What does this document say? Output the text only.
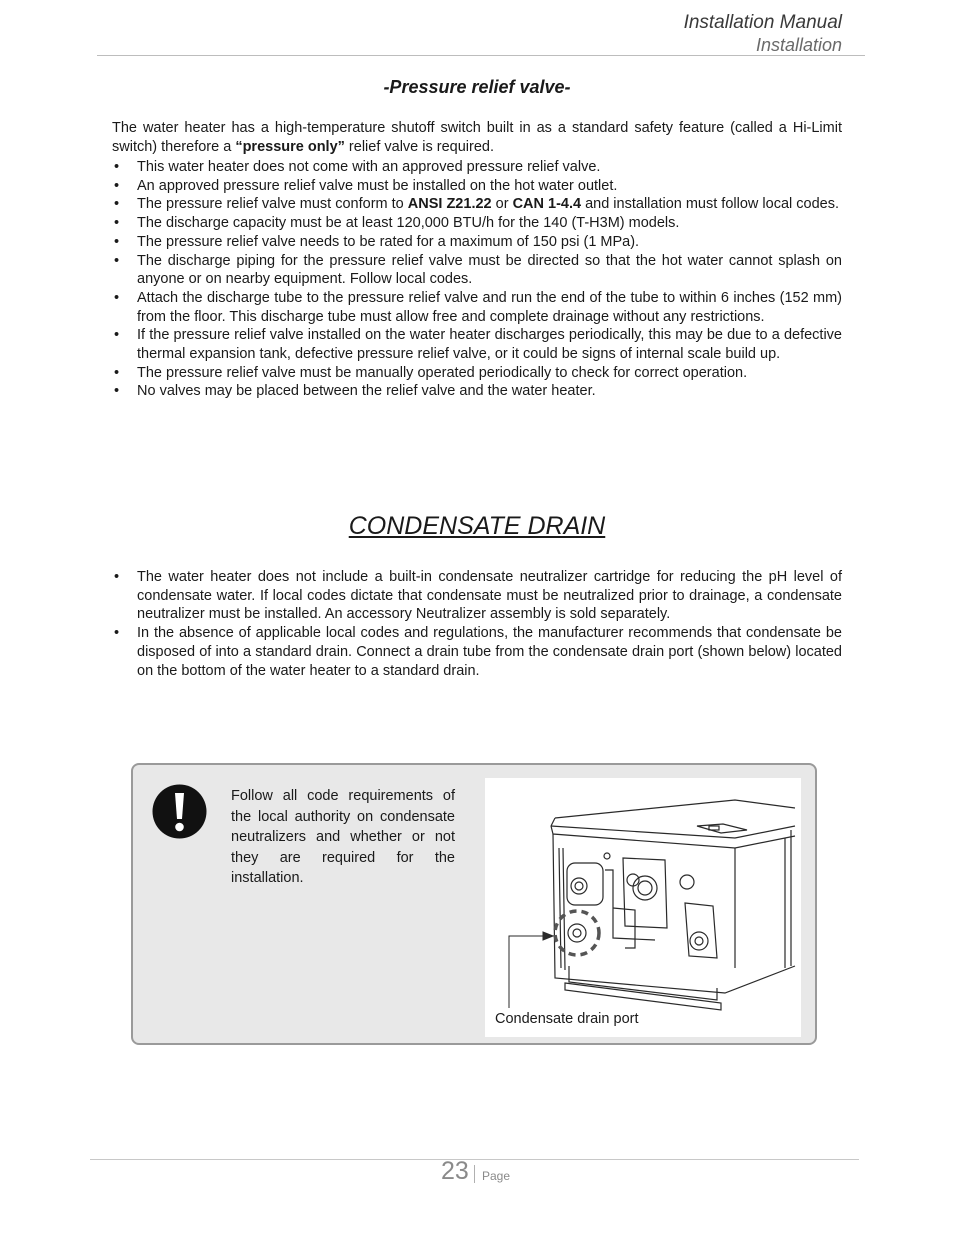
Installation Manual
Installation
-Pressure relief valve-
The water heater has a high-temperature shutoff switch built in as a standard safety feature (called a Hi-Limit switch) therefore a “pressure only” relief valve is required.
• This water heater does not come with an approved pressure relief valve.
• An approved pressure relief valve must be installed on the hot water outlet.
• The pressure relief valve must conform to ANSI Z21.22 or CAN 1-4.4 and installation must follow local codes.
• The discharge capacity must be at least 120,000 BTU/h for the 140 (T-H3M) models.
• The pressure relief valve needs to be rated for a maximum of 150 psi (1 MPa).
• The discharge piping for the pressure relief valve must be directed so that the hot water cannot splash on anyone or on nearby equipment. Follow local codes.
• Attach the discharge tube to the pressure relief valve and run the end of the tube to within 6 inches (152 mm) from the floor. This discharge tube must allow free and complete drainage without any restrictions.
• If the pressure relief valve installed on the water heater discharges periodically, this may be due to a defective thermal expansion tank, defective pressure relief valve, or it could be signs of internal scale build up.
• The pressure relief valve must be manually operated periodically to check for correct operation.
• No valves may be placed between the relief valve and the water heater.
CONDENSATE DRAIN
• The water heater does not include a built-in condensate neutralizer cartridge for reducing the pH level of condensate water. If local codes dictate that condensate must be neutralized prior to drainage, a condensate neutralizer must be installed. An accessory Neutralizer assembly is sold separately.
• In the absence of applicable local codes and regulations, the manufacturer recommends that condensate be disposed of into a standard drain. Connect a drain tube from the condensate drain port (shown below) located on the bottom of the water heater to a standard drain.
Follow all code requirements of the local authority on condensate neutralizers and whether or not they are required for the installation.
Condensate drain port
23 Page
